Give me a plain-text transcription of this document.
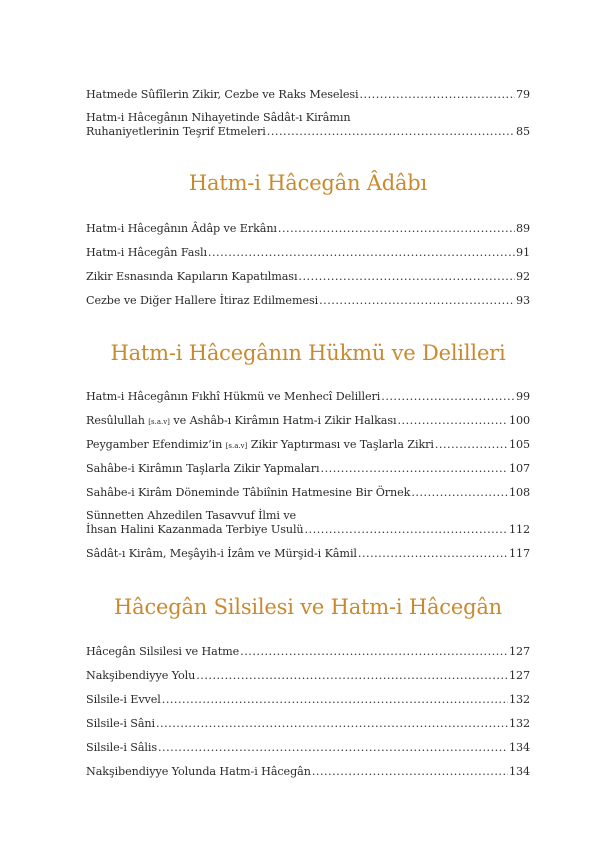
Hatmede Sûfîlerin Zikir, Cezbe ve Raks Meselesi .....	79
Hatm-i Hâcegânın Nihayetinde Sâdât-ı Kirâmın
Ruhaniyetlerinin Teşrif Etmeleri .....	85
Hatm-i Hâcegân Âdâbı
Hatm-i Hâcegânın Âdâp ve Erkânı .....	89
Hatm-i Hâcegân Faslı .....	91
Zikir Esnasında Kapıların Kapatılması .....	92
Cezbe ve Diğer Hallere İtiraz Edilmemesi .....	93
Hatm-i Hâcegânın Hükmü ve Delilleri
Hatm-i Hâcegânın Fıkhî Hükmü ve Menhecî Delilleri .....	99
Resûlullah [s.a.v] ve Ashâb-ı Kirâmın Hatm-i Zikir Halkası .....	100
Peygamber Efendimiz’in [s.a.v] Zikir Yaptırması ve Taşlarla Zikri .....	105
Sahâbe-i Kirâmın Taşlarla Zikir Yapmaları .....	107
Sahâbe-i Kirâm Döneminde Tâbiînin Hatmesine Bir Örnek .....	108
Sünnetten Ahzedilen Tasavvuf İlmi ve
İhsan Halini Kazanmada Terbiye Usulü .....	112
Sâdât-ı Kirâm, Meşâyih-i İzâm ve Mürşid-i Kâmil .....	117
Hâcegân Silsilesi ve Hatm-i Hâcegân
Hâcegân Silsilesi ve Hatme .....	127
Nakşibendiyye Yolu .....	127
Silsile-i Evvel .....	132
Silsile-i Sâni .....	132
Silsile-i Sâlis .....	134
Nakşibendiyye Yolunda Hatm-i Hâcegân .....	134
